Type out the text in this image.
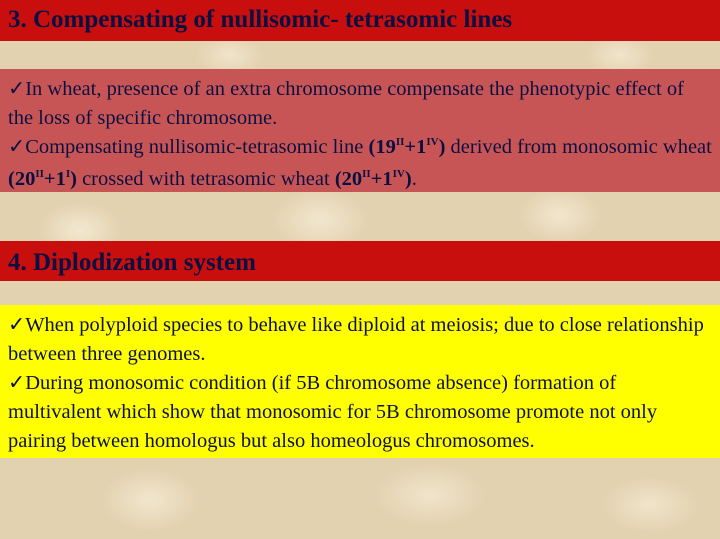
3. Compensating of nullisomic- tetrasomic lines

✓In wheat, presence of an extra chromosome compensate the phenotypic effect of the loss of specific chromosome.

✓Compensating nullisomic-tetrasomic line $(19^{II}+1^{IV})$ derived from monosomic wheat $(20^{II}+1^I)$ crossed with tetrasomic wheat $(20^{II}+1^{IV})$.

4. Diplodization system

✓When polyploid species to behave like diploid at meiosis; due to close relationship between three genomes.

✓During monosomic condition (if 5B chromosome absence) formation of multivalent which show that monosomic for 5B chromosome promote not only pairing between homologus but also homeologus chromosomes.
